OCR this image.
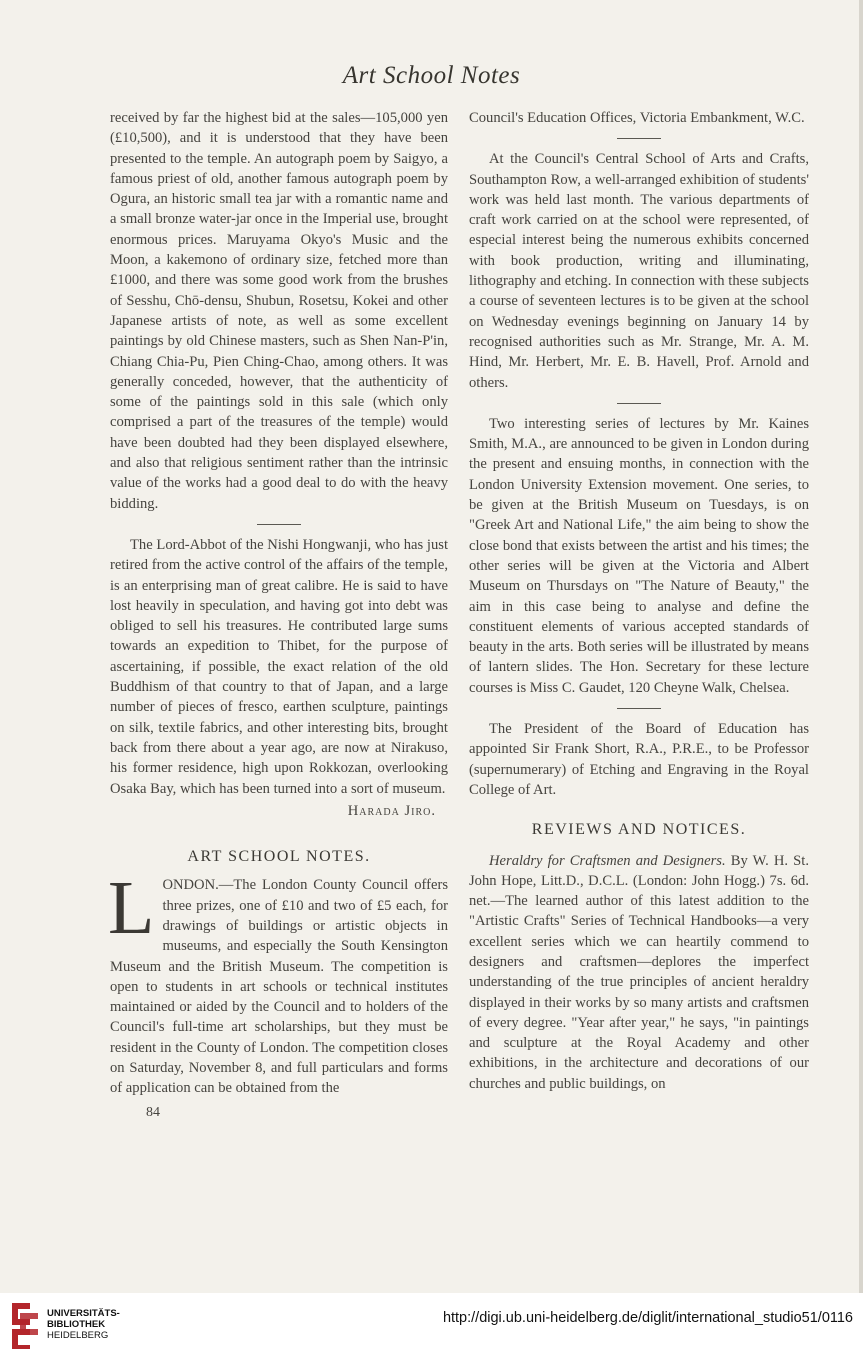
Art School Notes

received by far the highest bid at the sales—105,000 yen (£10,500), and it is understood that they have been presented to the temple. An autograph poem by Saigyo, a famous priest of old, another famous autograph poem by Ogura, an historic small tea jar with a romantic name and a small bronze water-jar once in the Imperial use, brought enormous prices. Maruyama Okyo's Music and the Moon, a kakemono of ordinary size, fetched more than £1000, and there was some good work from the brushes of Sesshu, Chō-densu, Shubun, Rosetsu, Kokei and other Japanese artists of note, as well as some excellent paintings by old Chinese masters, such as Shen Nan-P'in, Chiang Chia-Pu, Pien Ching-Chao, among others. It was generally conceded, however, that the authenticity of some of the paintings sold in this sale (which only comprised a part of the treasures of the temple) would have been doubted had they been displayed elsewhere, and also that religious sentiment rather than the intrinsic value of the works had a good deal to do with the heavy bidding.

The Lord-Abbot of the Nishi Hongwanji, who has just retired from the active control of the affairs of the temple, is an enterprising man of great calibre. He is said to have lost heavily in speculation, and having got into debt was obliged to sell his treasures. He contributed large sums towards an expedition to Thibet, for the purpose of ascertaining, if possible, the exact relation of the old Buddhism of that country to that of Japan, and a large number of pieces of fresco, earthen sculpture, paintings on silk, textile fabrics, and other interesting bits, brought back from there about a year ago, are now at Nirakuso, his former residence, high upon Rokkozan, overlooking Osaka Bay, which has been turned into a sort of museum.

Harada Jiro.
ART SCHOOL NOTES.

LONDON.—The London County Council offers three prizes, one of £10 and two of £5 each, for drawings of buildings or artistic objects in museums, and especially the South Kensington Museum and the British Museum. The competition is open to students in art schools or technical institutes maintained or aided by the Council and to holders of the Council's full-time art scholarships, but they must be resident in the County of London. The competition closes on Saturday, November 8, and full particulars and forms of application can be obtained from the

84

Council's Education Offices, Victoria Embankment, W.C.

At the Council's Central School of Arts and Crafts, Southampton Row, a well-arranged exhibition of students' work was held last month. The various departments of craft work carried on at the school were represented, of especial interest being the numerous exhibits concerned with book production, writing and illuminating, lithography and etching. In connection with these subjects a course of seventeen lectures is to be given at the school on Wednesday evenings beginning on January 14 by recognised authorities such as Mr. Strange, Mr. A. M. Hind, Mr. Herbert, Mr. E. B. Havell, Prof. Arnold and others.

Two interesting series of lectures by Mr. Kaines Smith, M.A., are announced to be given in London during the present and ensuing months, in connection with the London University Extension movement. One series, to be given at the British Museum on Tuesdays, is on "Greek Art and National Life," the aim being to show the close bond that exists between the artist and his times; the other series will be given at the Victoria and Albert Museum on Thursdays on "The Nature of Beauty," the aim in this case being to analyse and define the constituent elements of various accepted standards of beauty in the arts. Both series will be illustrated by means of lantern slides. The Hon. Secretary for these lecture courses is Miss C. Gaudet, 120 Cheyne Walk, Chelsea.

The President of the Board of Education has appointed Sir Frank Short, R.A., P.R.E., to be Professor (supernumerary) of Etching and Engraving in the Royal College of Art.

REVIEWS AND NOTICES.

Heraldry for Craftsmen and Designers. By W. H. St. John Hope, Litt.D., D.C.L. (London: John Hogg.) 7s. 6d. net.—The learned author of this latest addition to the "Artistic Crafts" Series of Technical Handbooks—a very excellent series which we can heartily commend to designers and craftsmen—deplores the imperfect understanding of the true principles of ancient heraldry displayed in their works by so many artists and craftsmen of every degree. "Year after year," he says, "in paintings and sculpture at the Royal Academy and other exhibitions, in the architecture and decorations of our churches and public buildings, on

UNIVERSITÄTS-
BIBLIOTHEK
HEIDELBERG
http://digi.ub.uni-heidelberg.de/diglit/international_studio51/0116
